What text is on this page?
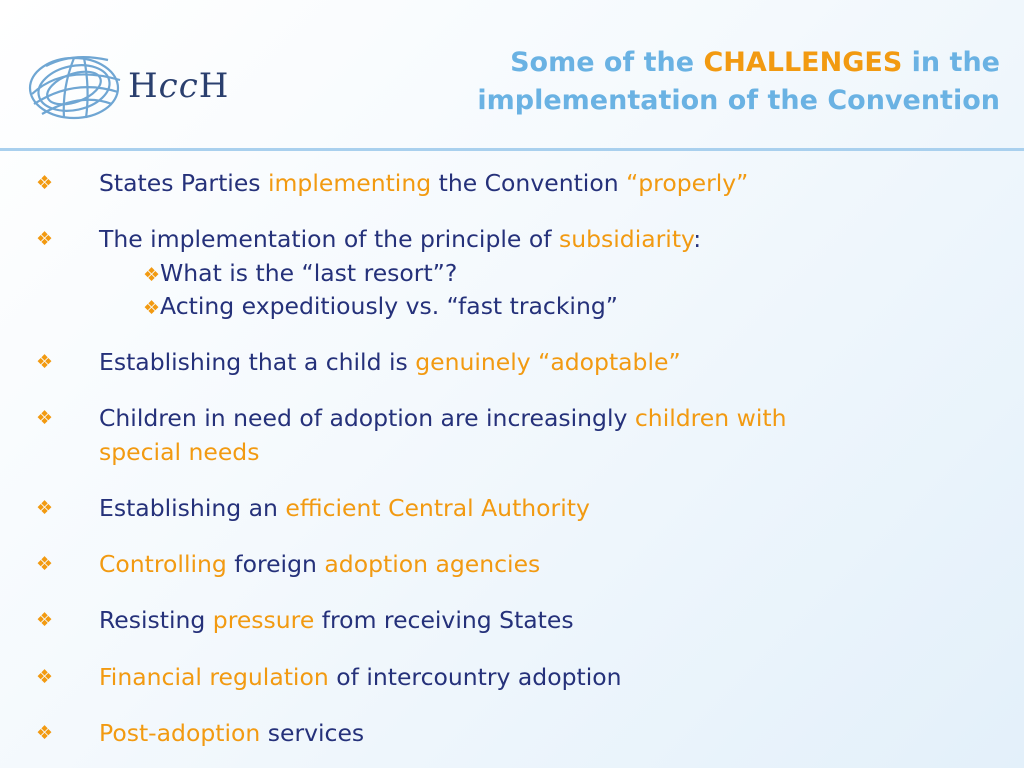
HccH
Some of the CHALLENGES in the
implementation of the Convention
❖	States Parties implementing the Convention “properly”
❖	The implementation of the principle of subsidiarity:
❖What is the “last resort”?
❖Acting expeditiously vs. “fast tracking”
❖	Establishing that a child is genuinely “adoptable”
❖	Children in need of adoption are increasingly children with
special needs
❖	Establishing an efficient Central Authority
❖	Controlling foreign adoption agencies
❖	Resisting pressure from receiving States
❖	Financial regulation of intercountry adoption
❖	Post-adoption services
